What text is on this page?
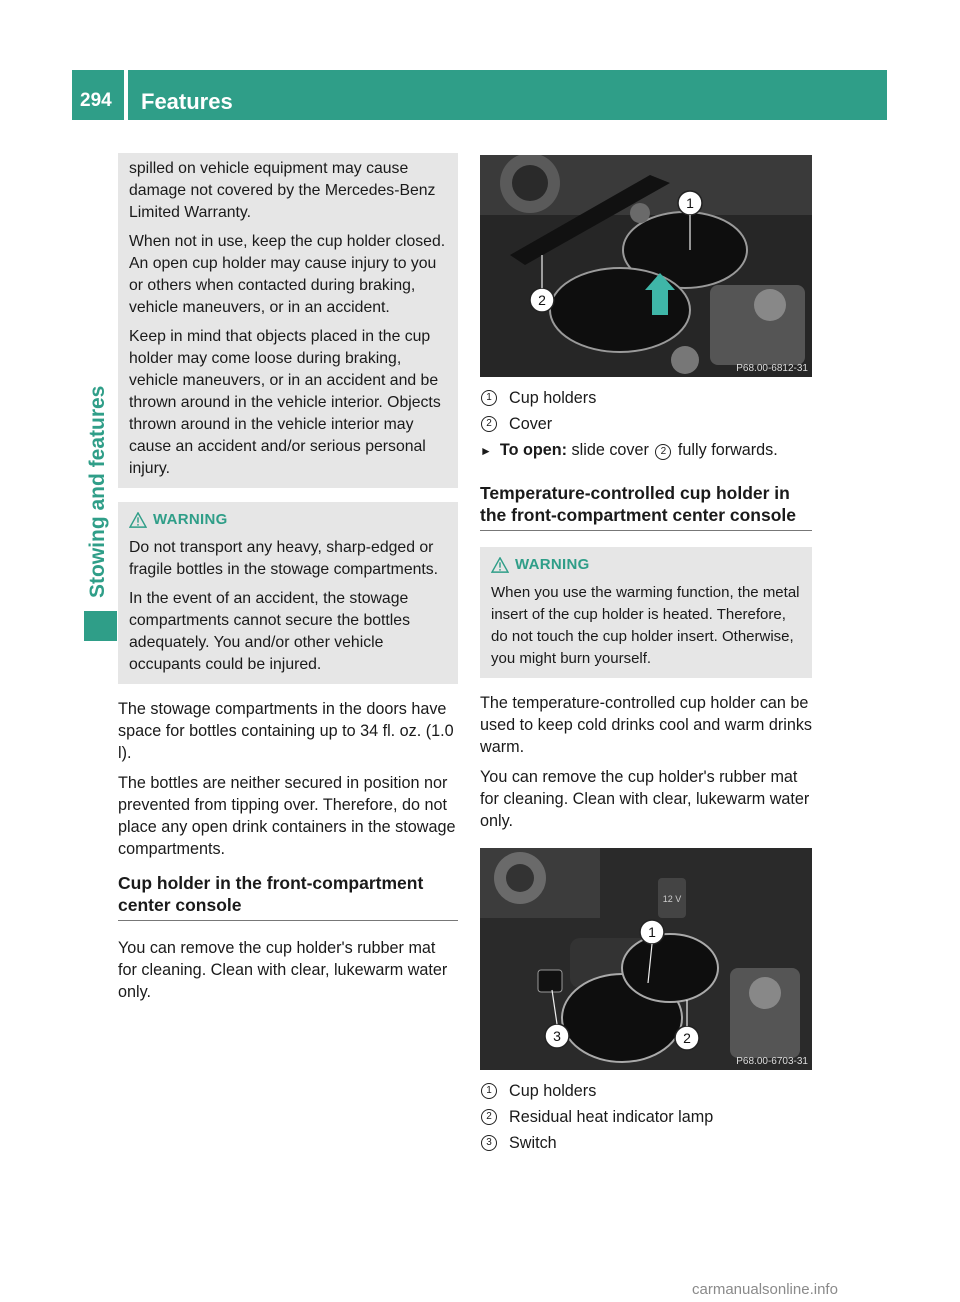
294 Features
Stowing and features

spilled on vehicle equipment may cause damage not covered by the Mercedes-Benz Limited Warranty.

When not in use, keep the cup holder closed. An open cup holder may cause injury to you or others when contacted during braking, vehicle maneuvers, or in an accident.

Keep in mind that objects placed in the cup holder may come loose during braking, vehicle maneuvers, or in an accident and be thrown around in the vehicle interior. Objects thrown around in the vehicle interior may cause an accident and/or serious personal injury.

WARNING

Do not transport any heavy, sharp-edged or fragile bottles in the stowage compartments.

In the event of an accident, the stowage compartments cannot secure the bottles adequately. You and/or other vehicle occupants could be injured.

The stowage compartments in the doors have space for bottles containing up to 34 fl. oz. (1.0 l).

The bottles are neither secured in position nor prevented from tipping over. Therefore, do not place any open drink containers in the stowage compartments.

Cup holder in the front-compartment center console

You can remove the cup holder's rubber mat for cleaning. Clean with clear, lukewarm water only.

1
2
P68.00-6812-31
1	Cup holders
2	Cover
► To open: slide cover 2 fully forwards.
Temperature-controlled cup holder in the front-compartment center console
WARNING

When you use the warming function, the metal insert of the cup holder is heated. Therefore, do not touch the cup holder insert. Otherwise, you might burn yourself.

The temperature-controlled cup holder can be used to keep cold drinks cool and warm drinks warm.

You can remove the cup holder's rubber mat for cleaning. Clean with clear, lukewarm water only.

12 V
1
2
3
P68.00-6703-31
1	Cup holders
2	Residual heat indicator lamp
3	Switch
carmanualsonline.info
